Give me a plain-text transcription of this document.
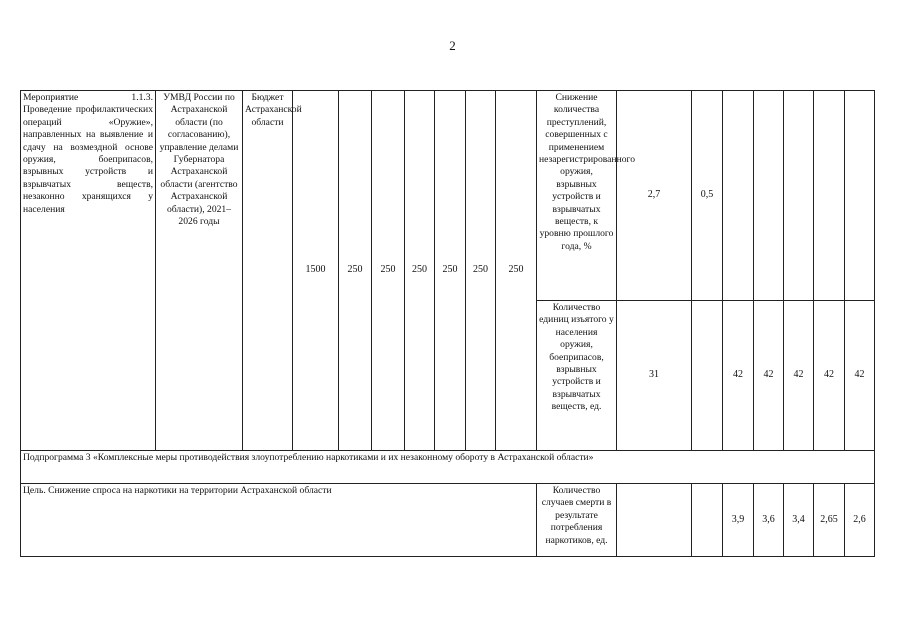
2
Мероприятие 1.1.3. Проведение профилактических операций «Оружие», направленных на выявление и сдачу на возмездной основе оружия, боеприпасов, взрывных устройств и взрывчатых веществ, незаконно хранящихся у населения	УМВД России по Астраханской области (по согласованию), управление делами Губернатора Астраханской области (агентство Астраханской области), 2021–2026 годы	Бюджет Астраханской области	1500	250	250	250	250	250	250	Снижение количества преступлений, совершенных с применением незарегистрированного оружия, взрывных устройств и взрывчатых веществ, к уровню прошлого года, %	2,7	0,5					
										Количество единиц изъятого у населения оружия, боеприпасов, взрывных устройств и взрывчатых веществ, ед.	31		42	42	42	42	42
Подпрограмма 3 «Комплексные меры противодействия злоупотреблению наркотиками и их незаконному обороту в Астраханской области»																	
Цель. Снижение спроса на наркотики на территории Астраханской области										Количество случаев смерти в результате потребления наркотиков, ед.			3,9	3,6	3,4	2,65	2,6
